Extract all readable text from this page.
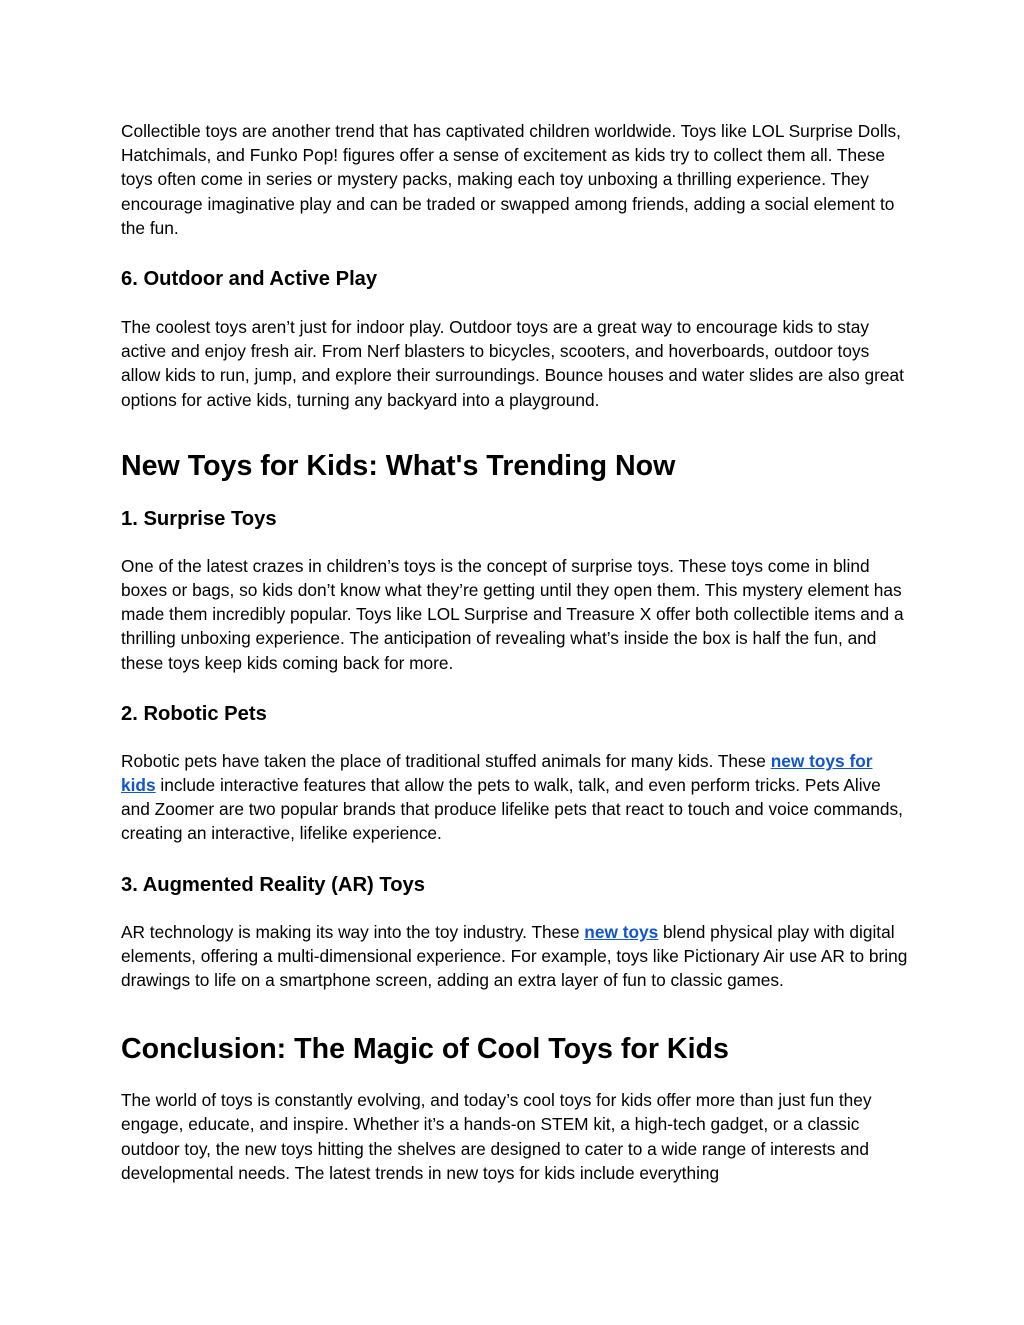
Collectible toys are another trend that has captivated children worldwide. Toys like LOL Surprise Dolls, Hatchimals, and Funko Pop! figures offer a sense of excitement as kids try to collect them all. These toys often come in series or mystery packs, making each toy unboxing a thrilling experience. They encourage imaginative play and can be traded or swapped among friends, adding a social element to the fun.

6. Outdoor and Active Play

The coolest toys aren’t just for indoor play. Outdoor toys are a great way to encourage kids to stay active and enjoy fresh air. From Nerf blasters to bicycles, scooters, and hoverboards, outdoor toys allow kids to run, jump, and explore their surroundings. Bounce houses and water slides are also great options for active kids, turning any backyard into a playground.

New Toys for Kids: What's Trending Now
1. Surprise Toys

One of the latest crazes in children’s toys is the concept of surprise toys. These toys come in blind boxes or bags, so kids don’t know what they’re getting until they open them. This mystery element has made them incredibly popular. Toys like LOL Surprise and Treasure X offer both collectible items and a thrilling unboxing experience. The anticipation of revealing what’s inside the box is half the fun, and these toys keep kids coming back for more.

2. Robotic Pets

Robotic pets have taken the place of traditional stuffed animals for many kids. These new toys for kids include interactive features that allow the pets to walk, talk, and even perform tricks. Pets Alive and Zoomer are two popular brands that produce lifelike pets that react to touch and voice commands, creating an interactive, lifelike experience.

3. Augmented Reality (AR) Toys

AR technology is making its way into the toy industry. These new toys blend physical play with digital elements, offering a multi-dimensional experience. For example, toys like Pictionary Air use AR to bring drawings to life on a smartphone screen, adding an extra layer of fun to classic games.

Conclusion: The Magic of Cool Toys for Kids

The world of toys is constantly evolving, and today’s cool toys for kids offer more than just fun they engage, educate, and inspire. Whether it’s a hands-on STEM kit, a high-tech gadget, or a classic outdoor toy, the new toys hitting the shelves are designed to cater to a wide range of interests and developmental needs. The latest trends in new toys for kids include everything
